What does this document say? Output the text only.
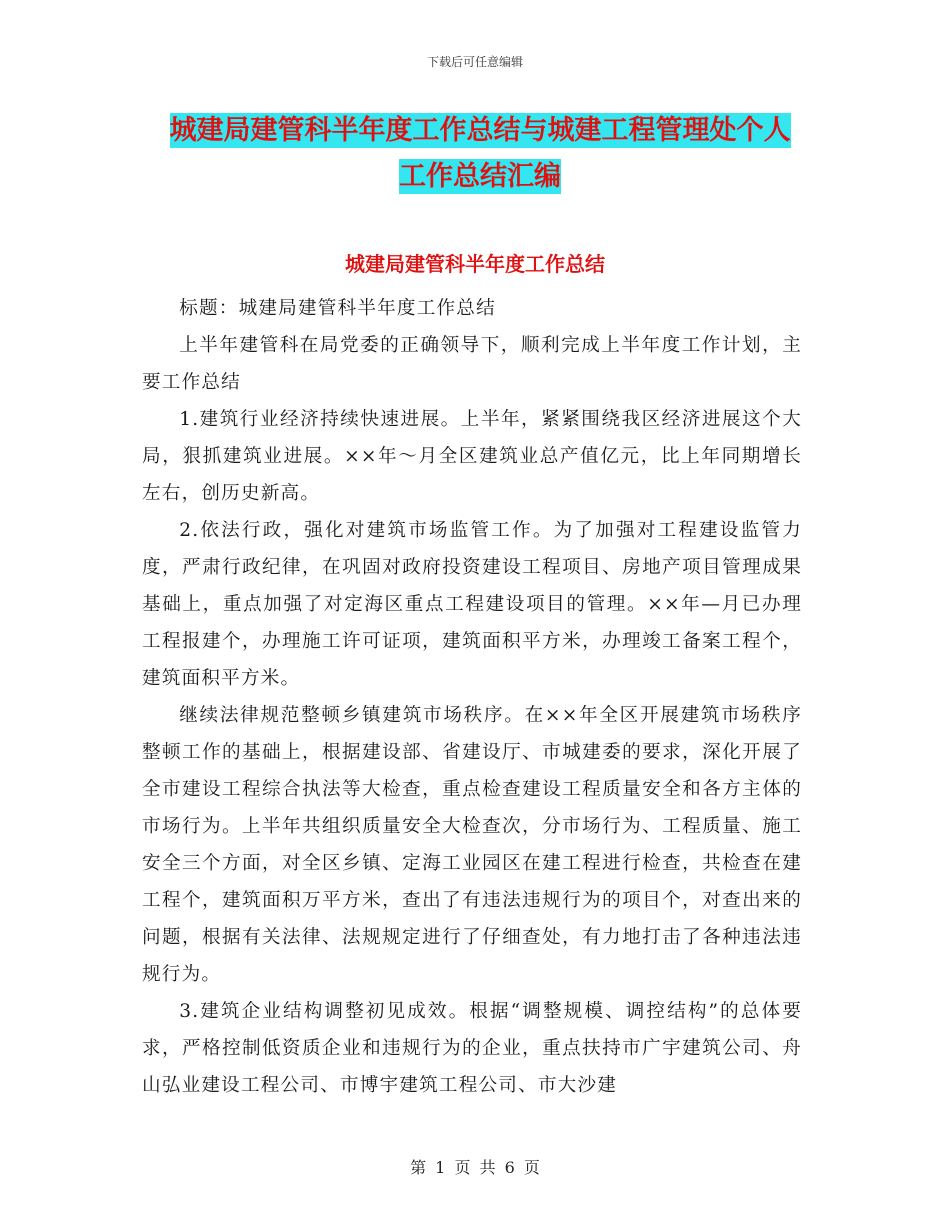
下载后可任意编辑
城建局建管科半年度工作总结与城建工程管理处个人
工作总结汇编
城建局建管科半年度工作总结

标题：城建局建管科半年度工作总结

上半年建管科在局党委的正确领导下，顺利完成上半年度工作计划，主要工作总结

1.建筑行业经济持续快速进展。上半年，紧紧围绕我区经济进展这个大局，狠抓建筑业进展。××年～月全区建筑业总产值亿元，比上年同期增长左右，创历史新高。

2.依法行政，强化对建筑市场监管工作。为了加强对工程建设监管力度，严肃行政纪律，在巩固对政府投资建设工程项目、房地产项目管理成果基础上，重点加强了对定海区重点工程建设项目的管理。××年—月已办理工程报建个，办理施工许可证项，建筑面积平方米，办理竣工备案工程个，建筑面积平方米。

继续法律规范整顿乡镇建筑市场秩序。在××年全区开展建筑市场秩序整顿工作的基础上，根据建设部、省建设厅、市城建委的要求，深化开展了全市建设工程综合执法等大检查，重点检查建设工程质量安全和各方主体的市场行为。上半年共组织质量安全大检查次，分市场行为、工程质量、施工安全三个方面，对全区乡镇、定海工业园区在建工程进行检查，共检查在建工程个，建筑面积万平方米，查出了有违法违规行为的项目个，对查出来的问题，根据有关法律、法规规定进行了仔细查处，有力地打击了各种违法违规行为。

3.建筑企业结构调整初见成效。根据“调整规模、调控结构”的总体要求，严格控制低资质企业和违规行为的企业，重点扶持市广宇建筑公司、舟山弘业建设工程公司、市博宇建筑工程公司、市大沙建

第 1 页 共 6 页
